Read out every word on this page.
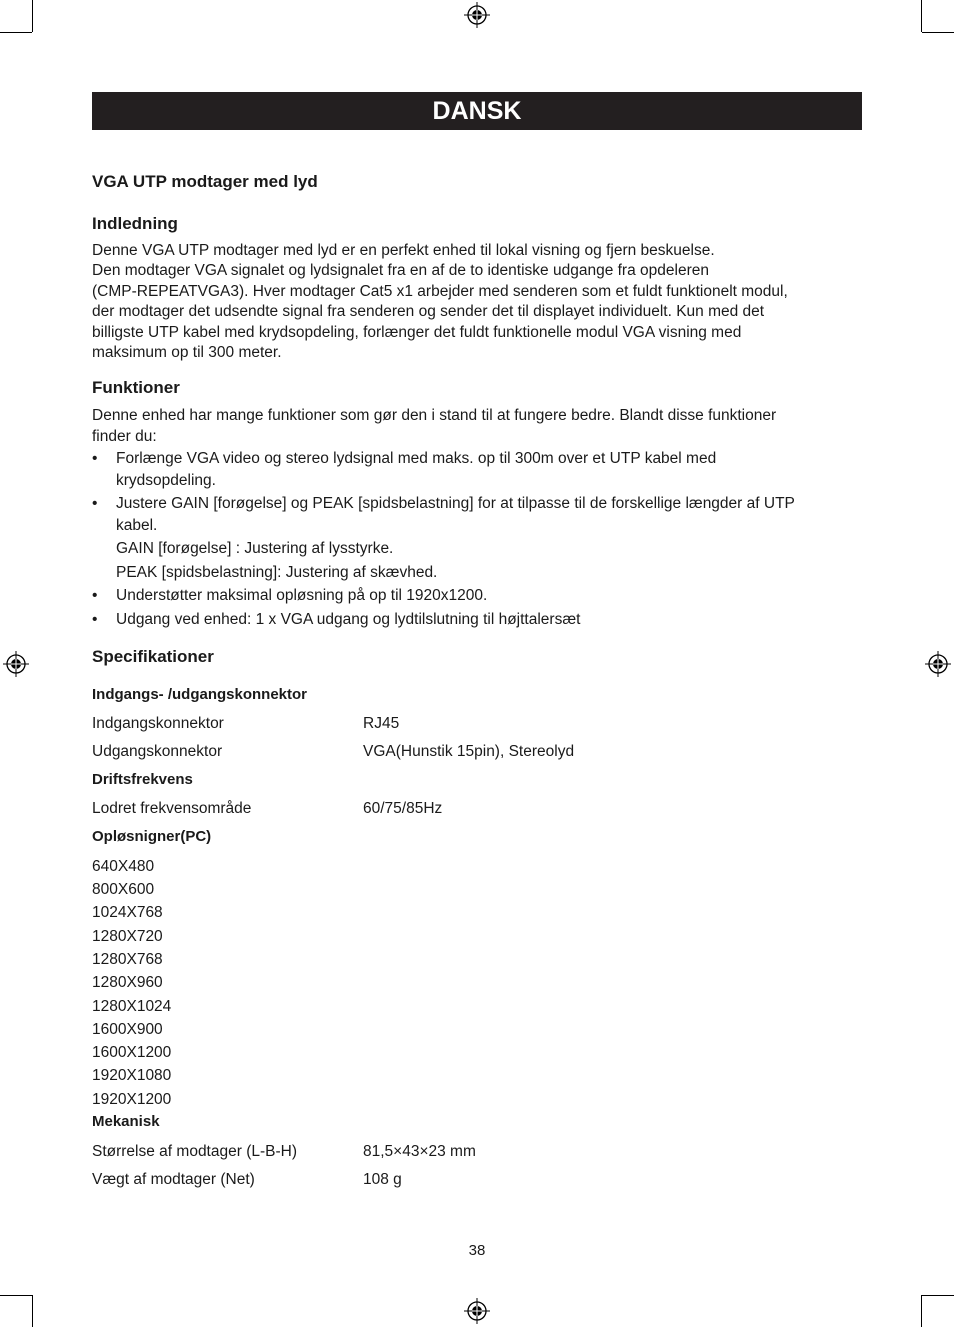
DANSK
VGA UTP modtager med lyd
Indledning

Denne VGA UTP modtager med lyd er en perfekt enhed til lokal visning og fjern beskuelse.

Den modtager VGA signalet og lydsignalet fra en af de to identiske udgange fra opdeleren

(CMP-REPEATVGA3). Hver modtager Cat5 x1 arbejder med senderen som et fuldt funktionelt modul,

der modtager det udsendte signal fra senderen og sender det til displayet individuelt. Kun med det

billigste UTP kabel med krydsopdeling, forlænger det fuldt funktionelle modul VGA visning med

maksimum op til 300 meter.

Funktioner

Denne enhed har mange funktioner som gør den i stand til at fungere bedre. Blandt disse funktioner

finder du:

• Forlænge VGA video og stereo lydsignal med maks. op til 300m over et UTP kabel med
krydsopdeling.
• Justere GAIN [forøgelse] og PEAK [spidsbelastning] for at tilpasse til de forskellige længder af UTP
kabel.
GAIN [forøgelse] : Justering af lysstyrke.
PEAK [spidsbelastning]: Justering af skævhed.
• Understøtter maksimal opløsning på op til 1920x1200.
• Udgang ved enhed: 1 x VGA udgang og lydtilslutning til højttalersæt
Specifikationer
Indgangs- /udgangskonnektor
Indgangskonnektor	RJ45
Udgangskonnektor	VGA(Hunstik 15pin), Stereolyd
Driftsfrekvens
Lodret frekvensområde	60/75/85Hz
Opløsnigner(PC)
640X480
800X600
1024X768
1280X720
1280X768
1280X960
1280X1024
1600X900
1600X1200
1920X1080
1920X1200
Mekanisk
Størrelse af modtager (L-B-H)	81,5×43×23 mm
Vægt af modtager (Net)	108 g
38
